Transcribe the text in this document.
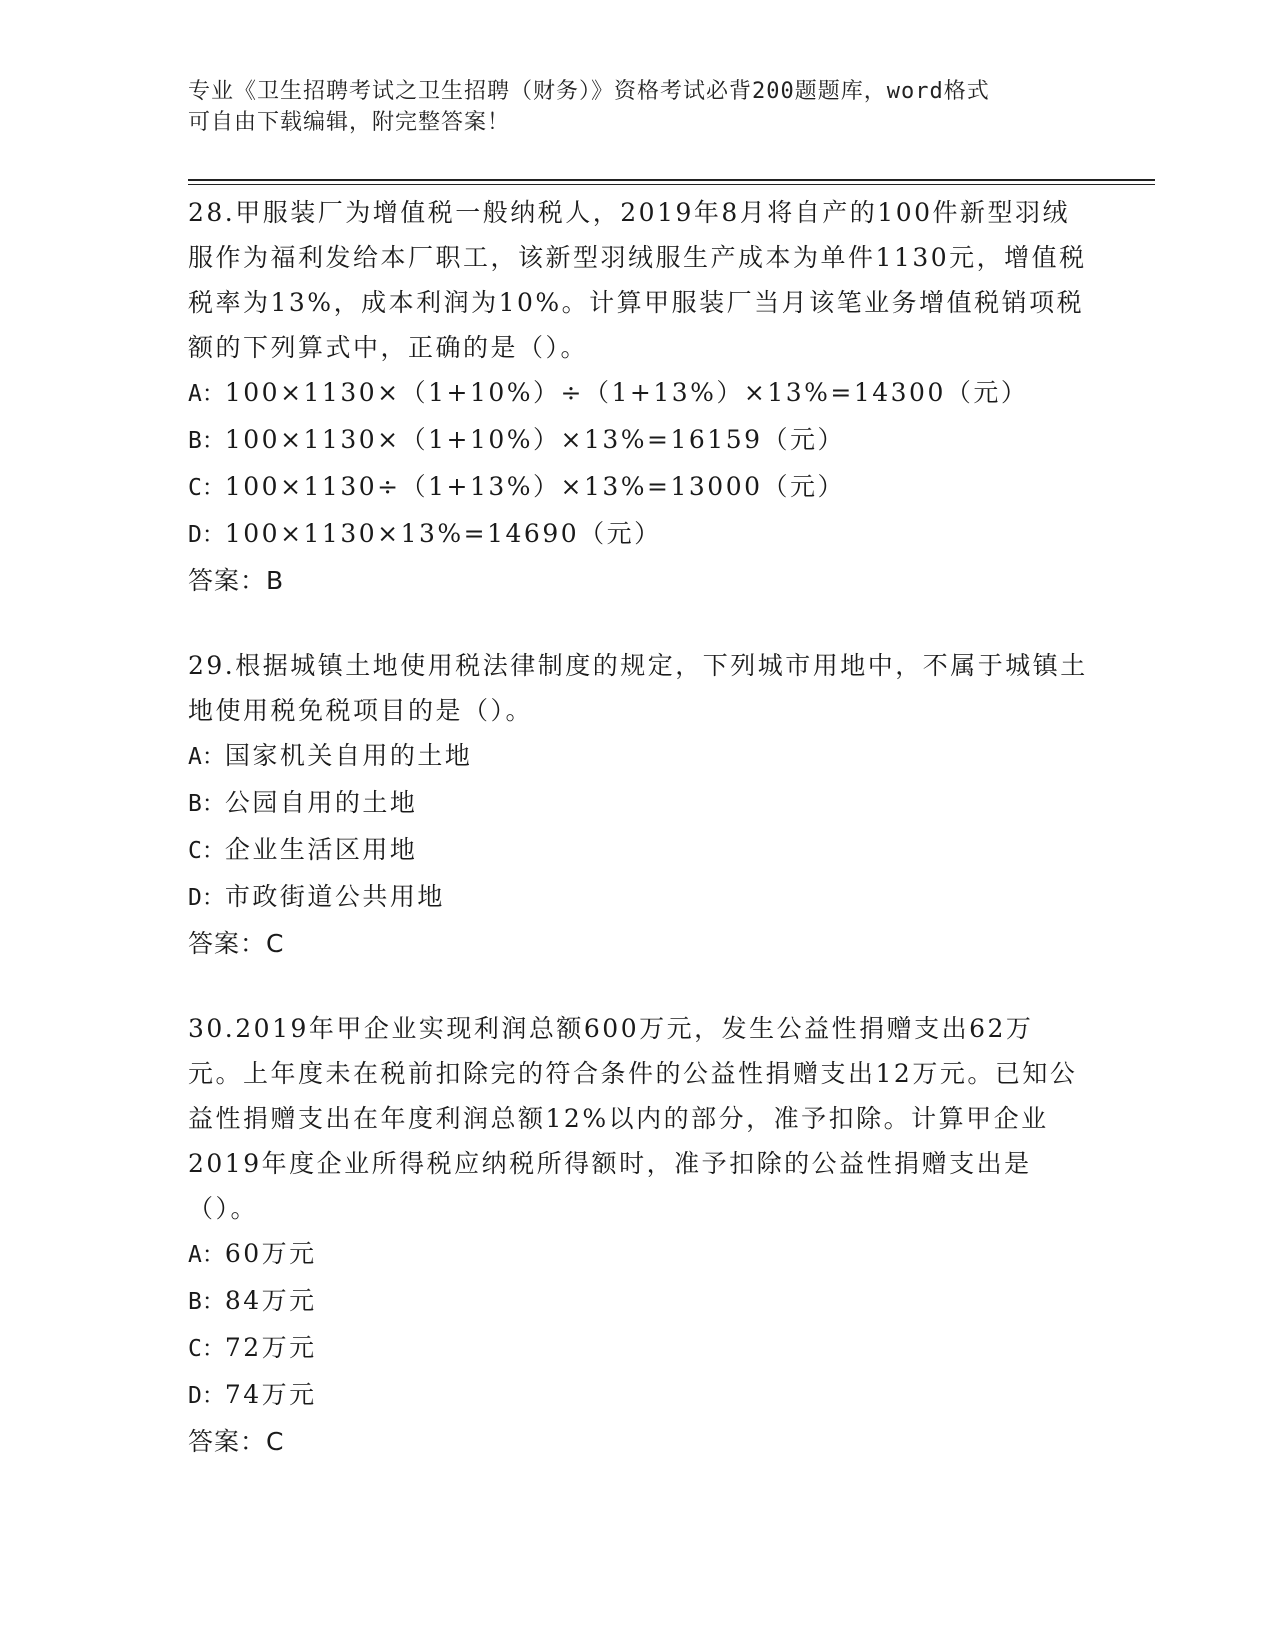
专业《卫生招聘考试之卫生招聘（财务）》资格考试必背200题题库，word格式
可自由下载编辑，附完整答案！

28.甲服装厂为增值税一般纳税人，2019年8月将自产的100件新型羽绒服作为福利发给本厂职工，该新型羽绒服生产成本为单件1130元，增值税税率为13%，成本利润为10%。计算甲服装厂当月该笔业务增值税销项税额的下列算式中，正确的是（）。

A：100×1130×（1+10%）÷（1+13%）×13%=14300（元）

B：100×1130×（1+10%）×13%=16159（元）

C：100×1130÷（1+13%）×13%=13000（元）

D：100×1130×13%=14690（元）

答案：B

29.根据城镇土地使用税法律制度的规定，下列城市用地中，不属于城镇土地使用税免税项目的是（）。

A：国家机关自用的土地

B：公园自用的土地

C：企业生活区用地

D：市政街道公共用地

答案：C

30.2019年甲企业实现利润总额600万元，发生公益性捐赠支出62万元。上年度未在税前扣除完的符合条件的公益性捐赠支出12万元。已知公益性捐赠支出在年度利润总额12%以内的部分，准予扣除。计算甲企业2019年度企业所得税应纳税所得额时，准予扣除的公益性捐赠支出是（）。

A：60万元

B：84万元

C：72万元

D：74万元

答案：C
